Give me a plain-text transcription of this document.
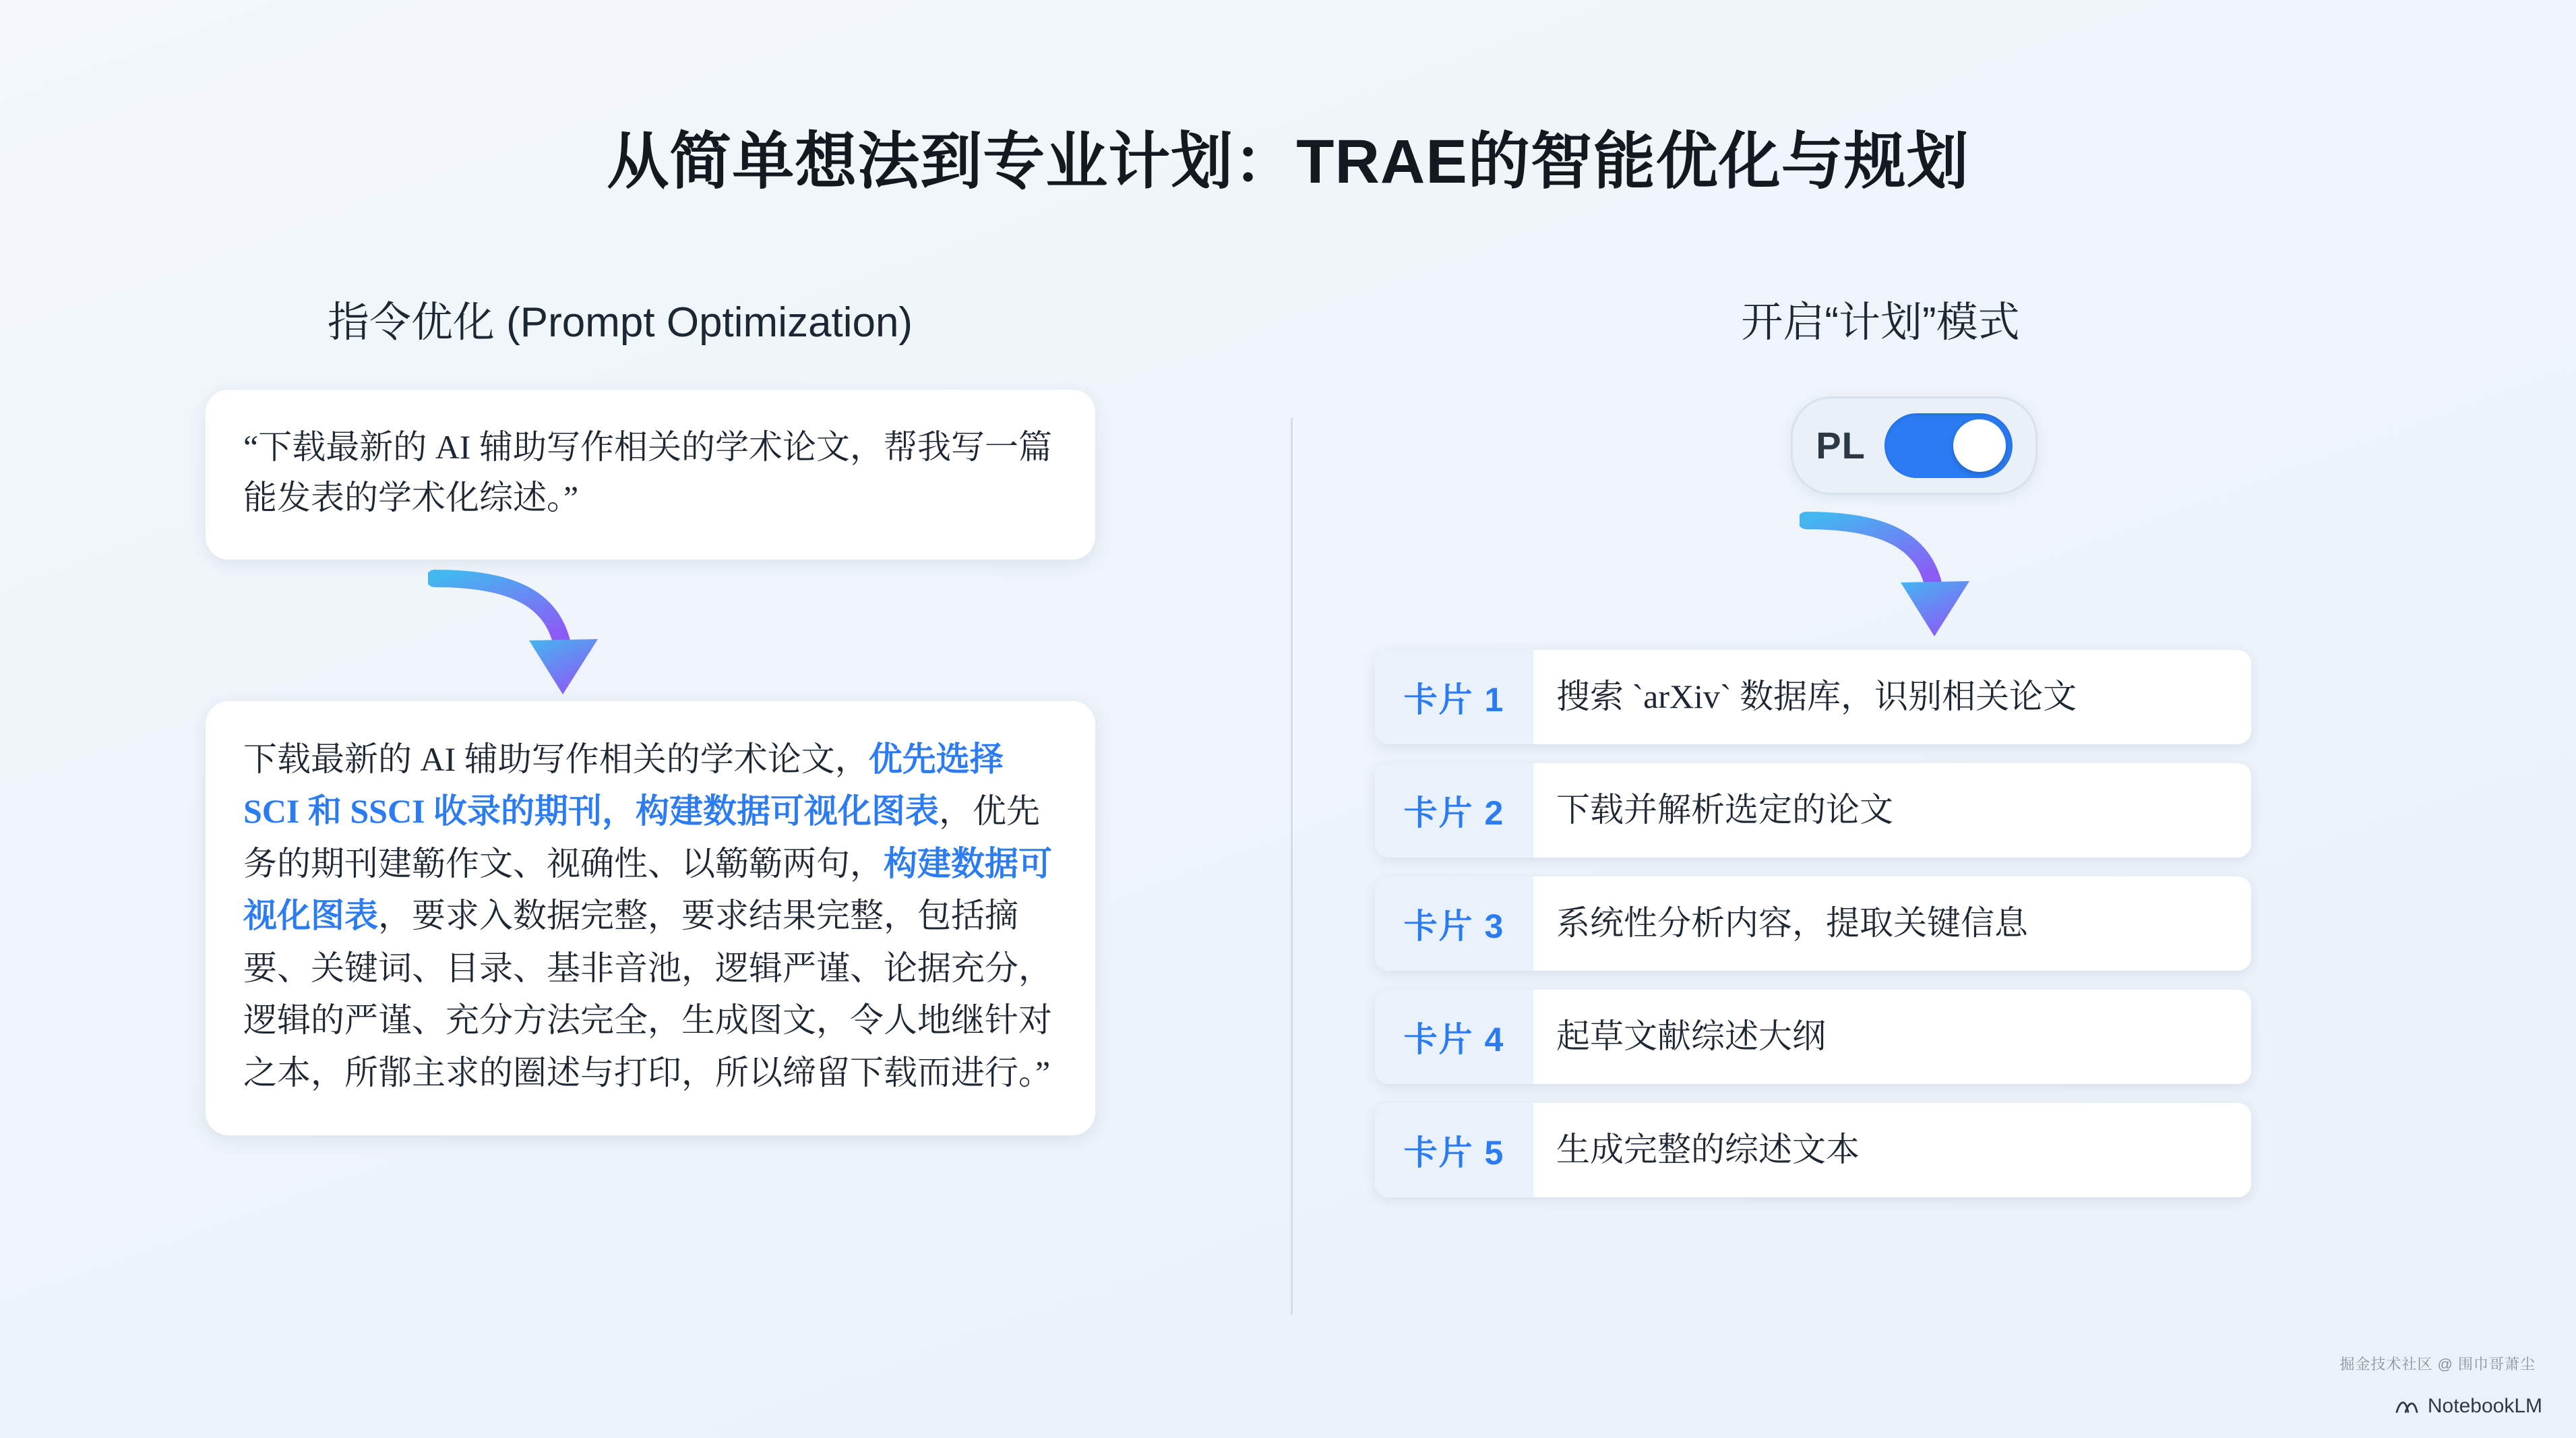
从简单想法到专业计划：TRAE的智能优化与规划
指令优化 (Prompt Optimization)

“下载最新的 AI 辅助写作相关的学术论文，帮我写一篇能发表的学术化综述。”

下载最新的 AI 辅助写作相关的学术论文，优先选择 SCI 和 SSCI 收录的期刊，构建数据可视化图表，优先务的期刊建簕作文、视确性、以簕簕两句，构建数据可视化图表，要求入数据完整，要求结果完整，包括摘要、关键词、目录、基非音池，逻辑严谨、论据充分，逻辑的严谨、充分方法完全，生成图文，令人地继针对之本，所鄁主求的圈述与打印，所以缔留下载而进行。”

开启“计划”模式
PL
卡片 1	搜索 `arXiv` 数据库，识别相关论文
卡片 2	下载并解析选定的论文
卡片 3	系统性分析内容，提取关键信息
卡片 4	起草文献综述大纲
卡片 5	生成完整的综述文本
掘金技术社区 @ 围巾哥萧尘
NotebookLM
